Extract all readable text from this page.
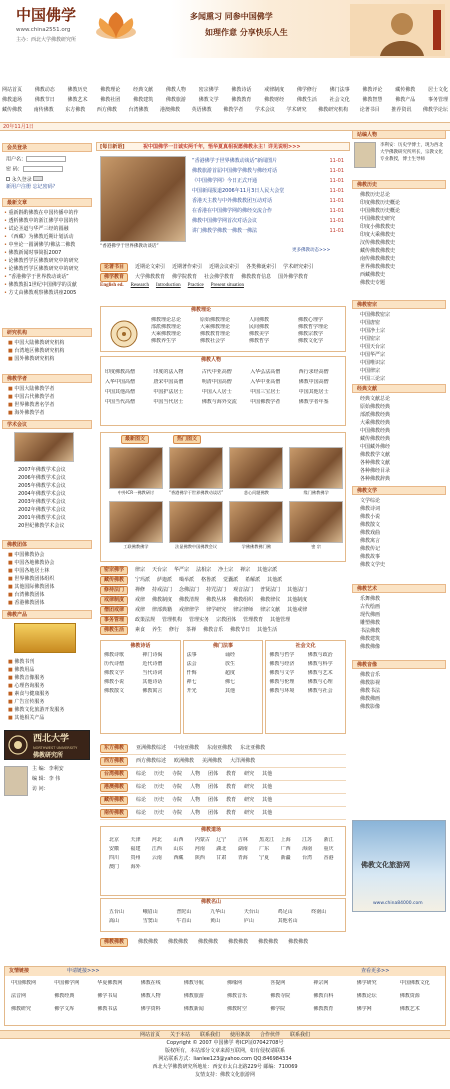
中国佛学
www.china2551.org
主办：西北大学佛教研究所
多闻熏习 同参中国佛学
如理作意 分享快乐人生
网站首页	佛教动态	佛教历史	佛教理论	经典文献	佛教人物	密宗佛学	佛教诗话	戒律制度	佛学修行	佛门法事	佛教评论	藏传佛教	居士文化
佛教道场	佛教节日	佛教艺术	佛教社团	佛教建筑	佛教旅游	佛教文学	佛教教育	佛教财经	佛教生活	社会文化	佛教智慧	佛教产品	事务管理
藏传佛教 南传佛教 东方佛教 西方佛教 台湾佛教 港澳佛教 英语佛教 佛教学者 学术会议 学术研究 佛教研究机构 论著书目 推荐资讯 佛教学论坛
20年11月1日
会员登录
用户名：
密 码：
永久登录
新用户注册 忘记密码？
最新文章
• 重新斟酌佛教在中国传播中的作
• 透析佛教中的浙江佛学中国的传
• 试论圣道与华严三经的圆融
• 《西藏》为佛教近期计划活动
• 中坐论一圆满佛学/佛法二佛教
• 佛教新闻时事简报2007
• 论佛教哲学区佛教研究中的研究
• 论佛教哲学区佛教研究中的研究
• “香港佛学于世界教动谈话”
• 佛教教报1世纪中国佛学的贡献
• 方丈由佛教观察佛教讲座2005
研究机构
■ 中国大陆佛教研究机构
■ 台湾地区佛教研究机构
■ 国外佛教研究机构
佛教学者
■ 中国大陆佛教学者
■ 中国古代佛教学者
■ 世界佛教著名学者
■ 海外佛教学者
学术会议
2007年佛教学术会议
2006年佛教学术会议
2005年佛教学术会议
2004年佛教学术会议
2003年佛教学术会议
2002年佛教学术会议
2001年佛教学术会议
20世纪佛教学术会议
佛教团体
■ 中国佛教协会
■ 中国各地佛教协会
■ 中国各地居士林
■ 世界佛教团体组织
■ 其他国际佛教团体
■ 台湾佛教团体
■ 香港佛教团体
佛教产品
■ 佛教书刊
■ 佛教用品
■ 佛教音像服务
■ 心理咨询服务
■ 素食与健康服务
■ 广告宣传服务
■ 佛教文化旅游开发服务
■ 其他相关产品
西北大学
NORTHWEST UNIVERSITY
佛教研究所
主 编：李利安
编 辑：李 伟
访 问：
[每日新语]	祝中国佛学一日诚实两千年，悟华夏真相祝愿佛教永主！详见说明>>>
“香港佛学于世界佛教动谈话”
“香港佛学于世界佛教动谈话”新闻图片	11-01
佛教旅游首届中国佛学佛教与佛经对话	11-01
《中国佛学网》今日正式开通	11-01
中国新闻报道2006年11月3日人民大会堂	11-01
香港天主教与中外佛教教团互动对话	11-01
在香港在中国佛学网的佛经交流合作	11-01
佛教中国佛学网首次对话会议	11-01
讲门佛教学佛教一佛教一佛法	11-01
更多佛教动态>>>
论著书目 近期论文索引 近期著作索引 近期会议索引 各类佛诞索引 学术研究索引
佛学教育 大学佛教教育 佛学院教育 社会佛学教育 佛教教育信息 国外佛学教育
English ed. Research Introduction Practice Present situation
佛教理论
佛教理论总论	原始佛教理论	人间佛教	佛教心理学
部派佛教理论	大乘佛教理论	民间佛教	佛教哲学理论
大乘佛教理论	佛教教育理论	佛教美学	佛教宗教学
佛教养生学	佛教社会学	佛教哲学	佛教文化学
佛教人物
印度佛教高僧	印度的法入物	古代中亚高僧	入华弘法高僧	西行求经高僧
入华中国高僧	唐宋中国高僧	明清中国高僧	入华中亚高僧	佛教中国高僧
中国其他高僧	中国护法居士	中国入人居士	中国三宝居士	中国其他居士
中国当代高僧	中国当代居士	佛教与海外交流	中国佛教学者	佛教学者年鉴
最新图文	热门图文
中外ICR一佛教研讨	“香港佛学于世界佛教动谈话”	悲心问题佛教	缘门佛教佛学
工联佛教佛学	法显佛教中国佛教会议	学佛佛教佛门佛	密 宗
密宗佛学 律宗 天台宗 华严宗 法相宗 净土宗 禅宗 其他宗派
藏传佛教 宁玛派 萨迦派 噶举派 格鲁派 觉囊派 希解派 其他派
修持法门 禅修 持戒法门 念佛法门 持咒法门 观音法门 普贤法门 其他法门
戒律制度 戒律 佛教制度 佛教清规 佛教丛林 佛教组织 佛教律仪 其他制度
僧团戒律 戒律 律部典籍 戒律律学 律学研究 律宗律师 律宗文献 其他戒律
事务管理 政策法规 管理机构 管理实务 宗教团体 管理教育 其他管理
佛教生活 素食 养生 修行 茶禅 佛教音乐 佛教节日 其他生活
佛教诗话
佛教诗歌	禅门诗偈
历代诗僧	近代诗僧
佛教文学	当代诗词
佛教小说	其他诗话
佛教散文	佛教寓言
佛门法事
法事	诵经
法会	放生
忏悔	超度
禅七	佛七
开光	其他
社会文化
佛教与哲学	佛教与政治
佛教与经济	佛教与科学
佛教与文学	佛教与艺术
佛教与伦理	佛教与心理
佛教与环境	佛教与社会
东方佛教 亚洲佛教综述 中南亚佛教 东南亚佛教 东北亚佛教
西方佛教 西方佛教综述 欧洲佛教 美洲佛教 大洋洲佛教
台湾佛教 综论 历史 寺院 人物 团体 教育 研究 其他
港澳佛教 综论 历史 寺院 人物 团体 教育 研究 其他
藏传佛教 综论 历史 寺院 人物 团体 教育 研究 其他
南传佛教 综论 历史 寺院 人物 团体 教育 研究 其他
佛教道场
北京	天津	河北	山西	内蒙古	辽宁	吉林	黑龙江	上海	江苏	浙江
安徽	福建	江西	山东	河南	湖北	湖南	广东	广西	海南	重庆
四川	贵州	云南	西藏	陕西	甘肃	青海	宁夏	新疆	台湾	香港
澳门	海外
佛教名山
五台山	峨眉山	普陀山	九华山	天台山	鸡足山	终南山
嵩山	雪窦山	牛首山	黄山	庐山	其他名山
佛教佛教	佛教佛教 佛教佛教 佛教佛教 佛教佛教 佛教佛教 佛教佛教
站编人物
李利安：历史学博士，现为西北大学佛教研究所所长，宗教文化专业教授，博士生导师
佛教历史
佛教历史总论
印度佛教历史概论
中国佛教历史概论
中国佛教史研究
印度小佛教教史
印度大乘佛教史
汉传佛教佛教史
藏传佛教佛教史
南传佛教佛教史
世界佛教佛教史
西藏佛教史
佛教史专题
佛教密宗
中国佛教密宗
中国唐密
中国净土宗
中国密宗
中国天台宗
中国华严宗
中国唯识宗
中国律宗
中国三论宗
经典文献
经典文献总论
原始佛教经典
部派佛教经典
大乘佛教经典
中国佛教经典
藏传佛教经典
中国藏外佛经
佛教教学文献
各种佛教文献
各种佛经目录
各种佛教辞典
佛教文学
文学综论
佛教诗词
佛教小说
佛教散文
佛教戏曲
佛教寓言
佛教传记
佛教故事
佛教文学史
佛教艺术
乐舞佛教
古代绘画
现代佛画
雕塑佛教
书法佛教
佛教建筑
佛教佛像
佛教音像
佛教音乐
佛教影视
佛教书法
佛教佛画
佛教影像
佛教文化旅游网
www.china84000.com
友情链接	申请链接>>>	查看更多>>
中国佛教网	中国佛学网	华夏佛教网	佛教在线	佛教导航	佛缘网	菩提网	禅宗网	佛学研究	中国佛教文化
法音网	佛教经典	佛学书局	佛教人物	佛教旅游	佛教音乐	佛教寺院	佛教百科	佛教论坛	佛教资源
佛教研究	佛学文库	佛教书法	佛学资料	佛教新闻	佛教时空	佛学院	佛教教育	佛学网	佛教艺术
网站首页 关于本站 联系我们 使用条款 合作伙伴 联系我们
Copyright © 2007 中国佛学 粤ICP证07042708号
版权所有，本站部分文章来源互联网，如有侵权请联系
网站联系方式：lianlee123@yahoo.com QQ:846984334
西北大学佛教研究所地址：西安市太白北路229号 邮编：710069
友情支持：佛教文化旅游网
